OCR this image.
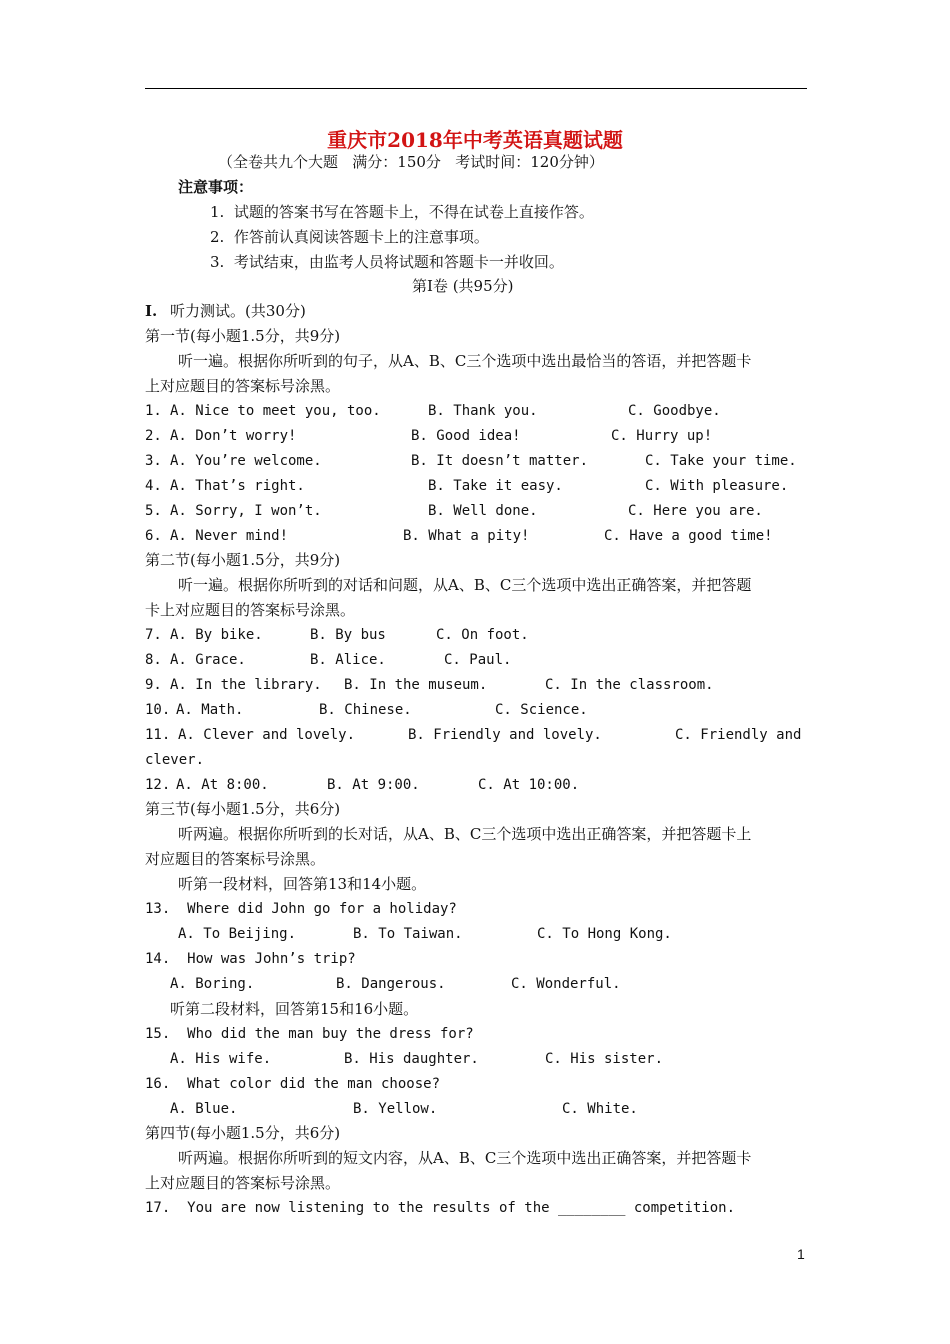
重庆市2018年中考英语真题试题
（全卷共九个大题   满分：150分   考试时间：120分钟）
注意事项：
1.  试题的答案书写在答题卡上，不得在试卷上直接作答。
2.  作答前认真阅读答题卡上的注意事项。
3.  考试结束，由监考人员将试题和答题卡一并收回。
第Ⅰ卷 (共95分)
I. 听力测试。(共30分)
第一节(每小题1.5分，共9分)
听一遍。根据你所听到的句子，从A、B、C三个选项中选出最恰当的答语，并把答题卡
上对应题目的答案标号涂黑。
1. A. Nice to meet you, too.	B. Thank you.	C. Goodbye.
2. A. Don’t worry!	B. Good idea!	C. Hurry up!
3. A. You’re welcome.	B. It doesn’t matter.	C. Take your time.
4. A. That’s right.	B. Take it easy.	C. With pleasure.
5. A. Sorry, I won’t.	B. Well done.	C. Here you are.
6. A. Never mind!	B. What a pity!	C. Have a good time!
第二节(每小题1.5分，共9分)
听一遍。根据你所听到的对话和问题，从A、B、C三个选项中选出正确答案，并把答题
卡上对应题目的答案标号涂黑。
7. A. By bike.	B. By bus	C. On foot.
8. A. Grace.	B. Alice.	C. Paul.
9. A. In the library. B. In the museum.	C. In the classroom.
10. A. Math.	B. Chinese.	C. Science.
11. A. Clever and lovely.	B. Friendly and lovely.	C. Friendly and
clever.
12. A. At 8:00.	B. At 9:00.	C. At 10:00.
第三节(每小题1.5分，共6分)
听两遍。根据你所听到的长对话，从A、B、C三个选项中选出正确答案，并把答题卡上
对应题目的答案标号涂黑。
听第一段材料，回答第13和14小题。
13.  Where did John go for a holiday?
A. To Beijing.	B. To Taiwan.	C. To Hong Kong.
14.  How was John’s trip?
A. Boring.	B. Dangerous.	C. Wonderful.
听第二段材料，回答第15和16小题。
15.  Who did the man buy the dress for?
A. His wife.	B. His daughter.	C. His sister.
16.  What color did the man choose?
A. Blue.	B. Yellow.	C. White.
第四节(每小题1.5分，共6分)
听两遍。根据你所听到的短文内容，从A、B、C三个选项中选出正确答案，并把答题卡
上对应题目的答案标号涂黑。
17.  You are now listening to the results of the ________ competition.
1
